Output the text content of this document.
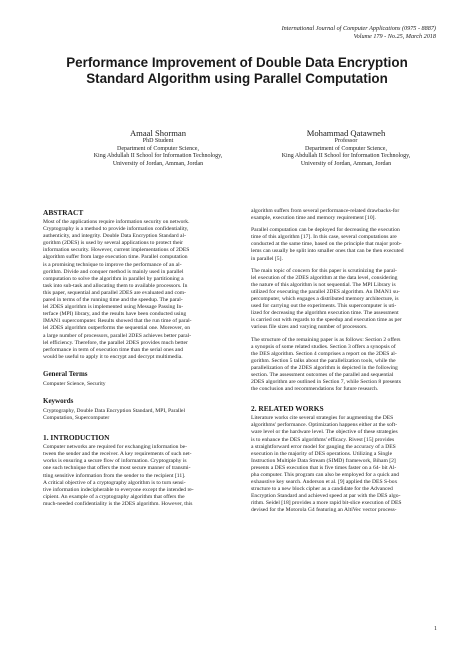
International Journal of Computer Applications (0975 - 8887)
Volume 179 - No.25, March 2018
Performance Improvement of Double Data Encryption
Standard Algorithm using Parallel Computation
Amaal Shorman
PhD Student
Department of Computer Science,
King Abdullah II School for Information Technology,
University of Jordan, Amman, Jordan
Mohammad Qatawneh
Professor
Department of Computer Science,
King Abdullah II School for Information Technology,
University of Jordan, Amman, Jordan
ABSTRACT
Most of the applications require information security on network.
Cryptography is a method to provide information confidentiality,
authenticity, and integrity. Double Data Encryption Standard al-
gorithm (2DES) is used by several applications to protect their
information security. However, current implementations of 2DES
algorithm suffer from large execution time. Parallel computation
is a promising technique to improve the performance of an al-
gorithm. Divide and conquer method is mainly used in parallel
computation to solve the algorithm in parallel by partitioning a
task into sub-task and allocating them to available processors. In
this paper, sequential and parallel 2DES are evaluated and com-
pared in terms of the running time and the speedup. The paral-
lel 2DES algorithm is implemented using Message Passing In-
terface (MPI) library, and the results have been conducted using
IMAN1 supercomputer. Results showed that the run time of paral-
lel 2DES algorithm outperforms the sequential one. Moreover, on
a large number of processors, parallel 2DES achieves better paral-
lel efficiency. Therefore, the parallel 2DES provides much better
performance in term of execution time than the serial ones and
would be useful to apply it to encrypt and decrypt multimedia.
General Terms
Computer Science, Security
Keywords
Cryptography, Double Data Encryption Standard, MPI, Parallel
Computation, Supercomputer
1. INTRODUCTION
Computer networks are required for exchanging information be-
tween the sender and the receiver. A key requirements of such net-
works is ensuring a secure flow of information. Cryptography is
one such technique that offers the most secure manner of transmi-
tting sensitive information from the sender to the recipient [11].
A critical objective of a cryptography algorithm is to turn sensi-
tive information indecipherable to everyone except the intended re-
cipient. An example of a cryptography algorithm that offers the
much-needed confidentiality is the 2DES algorithm. However, this
algorithm suffers from several performance-related drawbacks-for
example, execution time and memory requirement [10].
Parallel computation can be deployed for decreasing the execution
time of this algorithm [17]. In this case, several computations are
conducted at the same time, based on the principle that major prob-
lems can usually be split into smaller ones that can be then executed
in parallel [5].
The main topic of concern for this paper is scrutinizing the paral-
lel execution of the 2DES algorithm at the data level, considering
the nature of this algorithm is not sequential. The MPI Library is
utilized for executing the parallel 2DES algorithm. An IMAN1 su-
percomputer, which engages a distributed memory architecture, is
used for carrying out the experiments. This supercomputer is uti-
lized for decreasing the algorithm execution time. The assessment
is carried out with regards to the speedup and execution time as per
various file sizes and varying number of processors.
The structure of the remaining paper is as follows: Section 2 offers
a synopsis of some related studies. Section 3 offers a synopsis of
the DES algorithm. Section 4 comprises a report on the 2DES al-
gorithm. Section 5 talks about the parallelization tools, while the
parallelization of the 2DES algorithm is depicted in the following
section. The assessment outcomes of the parallel and sequential
2DES algorithm are outlined in Section 7, while Section 8 presents
the conclusion and recommendations for future research.
2. RELATED WORKS
Literature works cite several strategies for augmenting the DES
algorithms' performance. Optimization happens either at the soft-
ware level or the hardware level. The objective of these strategies
is to enhance the DES algorithms' efficacy. Rivest [15] provides
a straightforward error model for gauging the accuracy of a DES
execution in the majority of DES operations. Utilizing a Single
Instruction Multiple Data Stream (SIMD) framework, Biham [2]
presents a DES execution that is five times faster on a 64- bit Al-
pha computer. This program can also be employed for a quick and
exhaustive key search. Anderson et al. [9] applied the DES S-box
structure to a new block cipher as a candidate for the Advanced
Encryption Standard and achieved speed at par with the DES algo-
rithm. Seidel [18] provides a more rapid bit-slice execution of DES
devised for the Motorola G4 featuring an AltiVec vector process-
1
